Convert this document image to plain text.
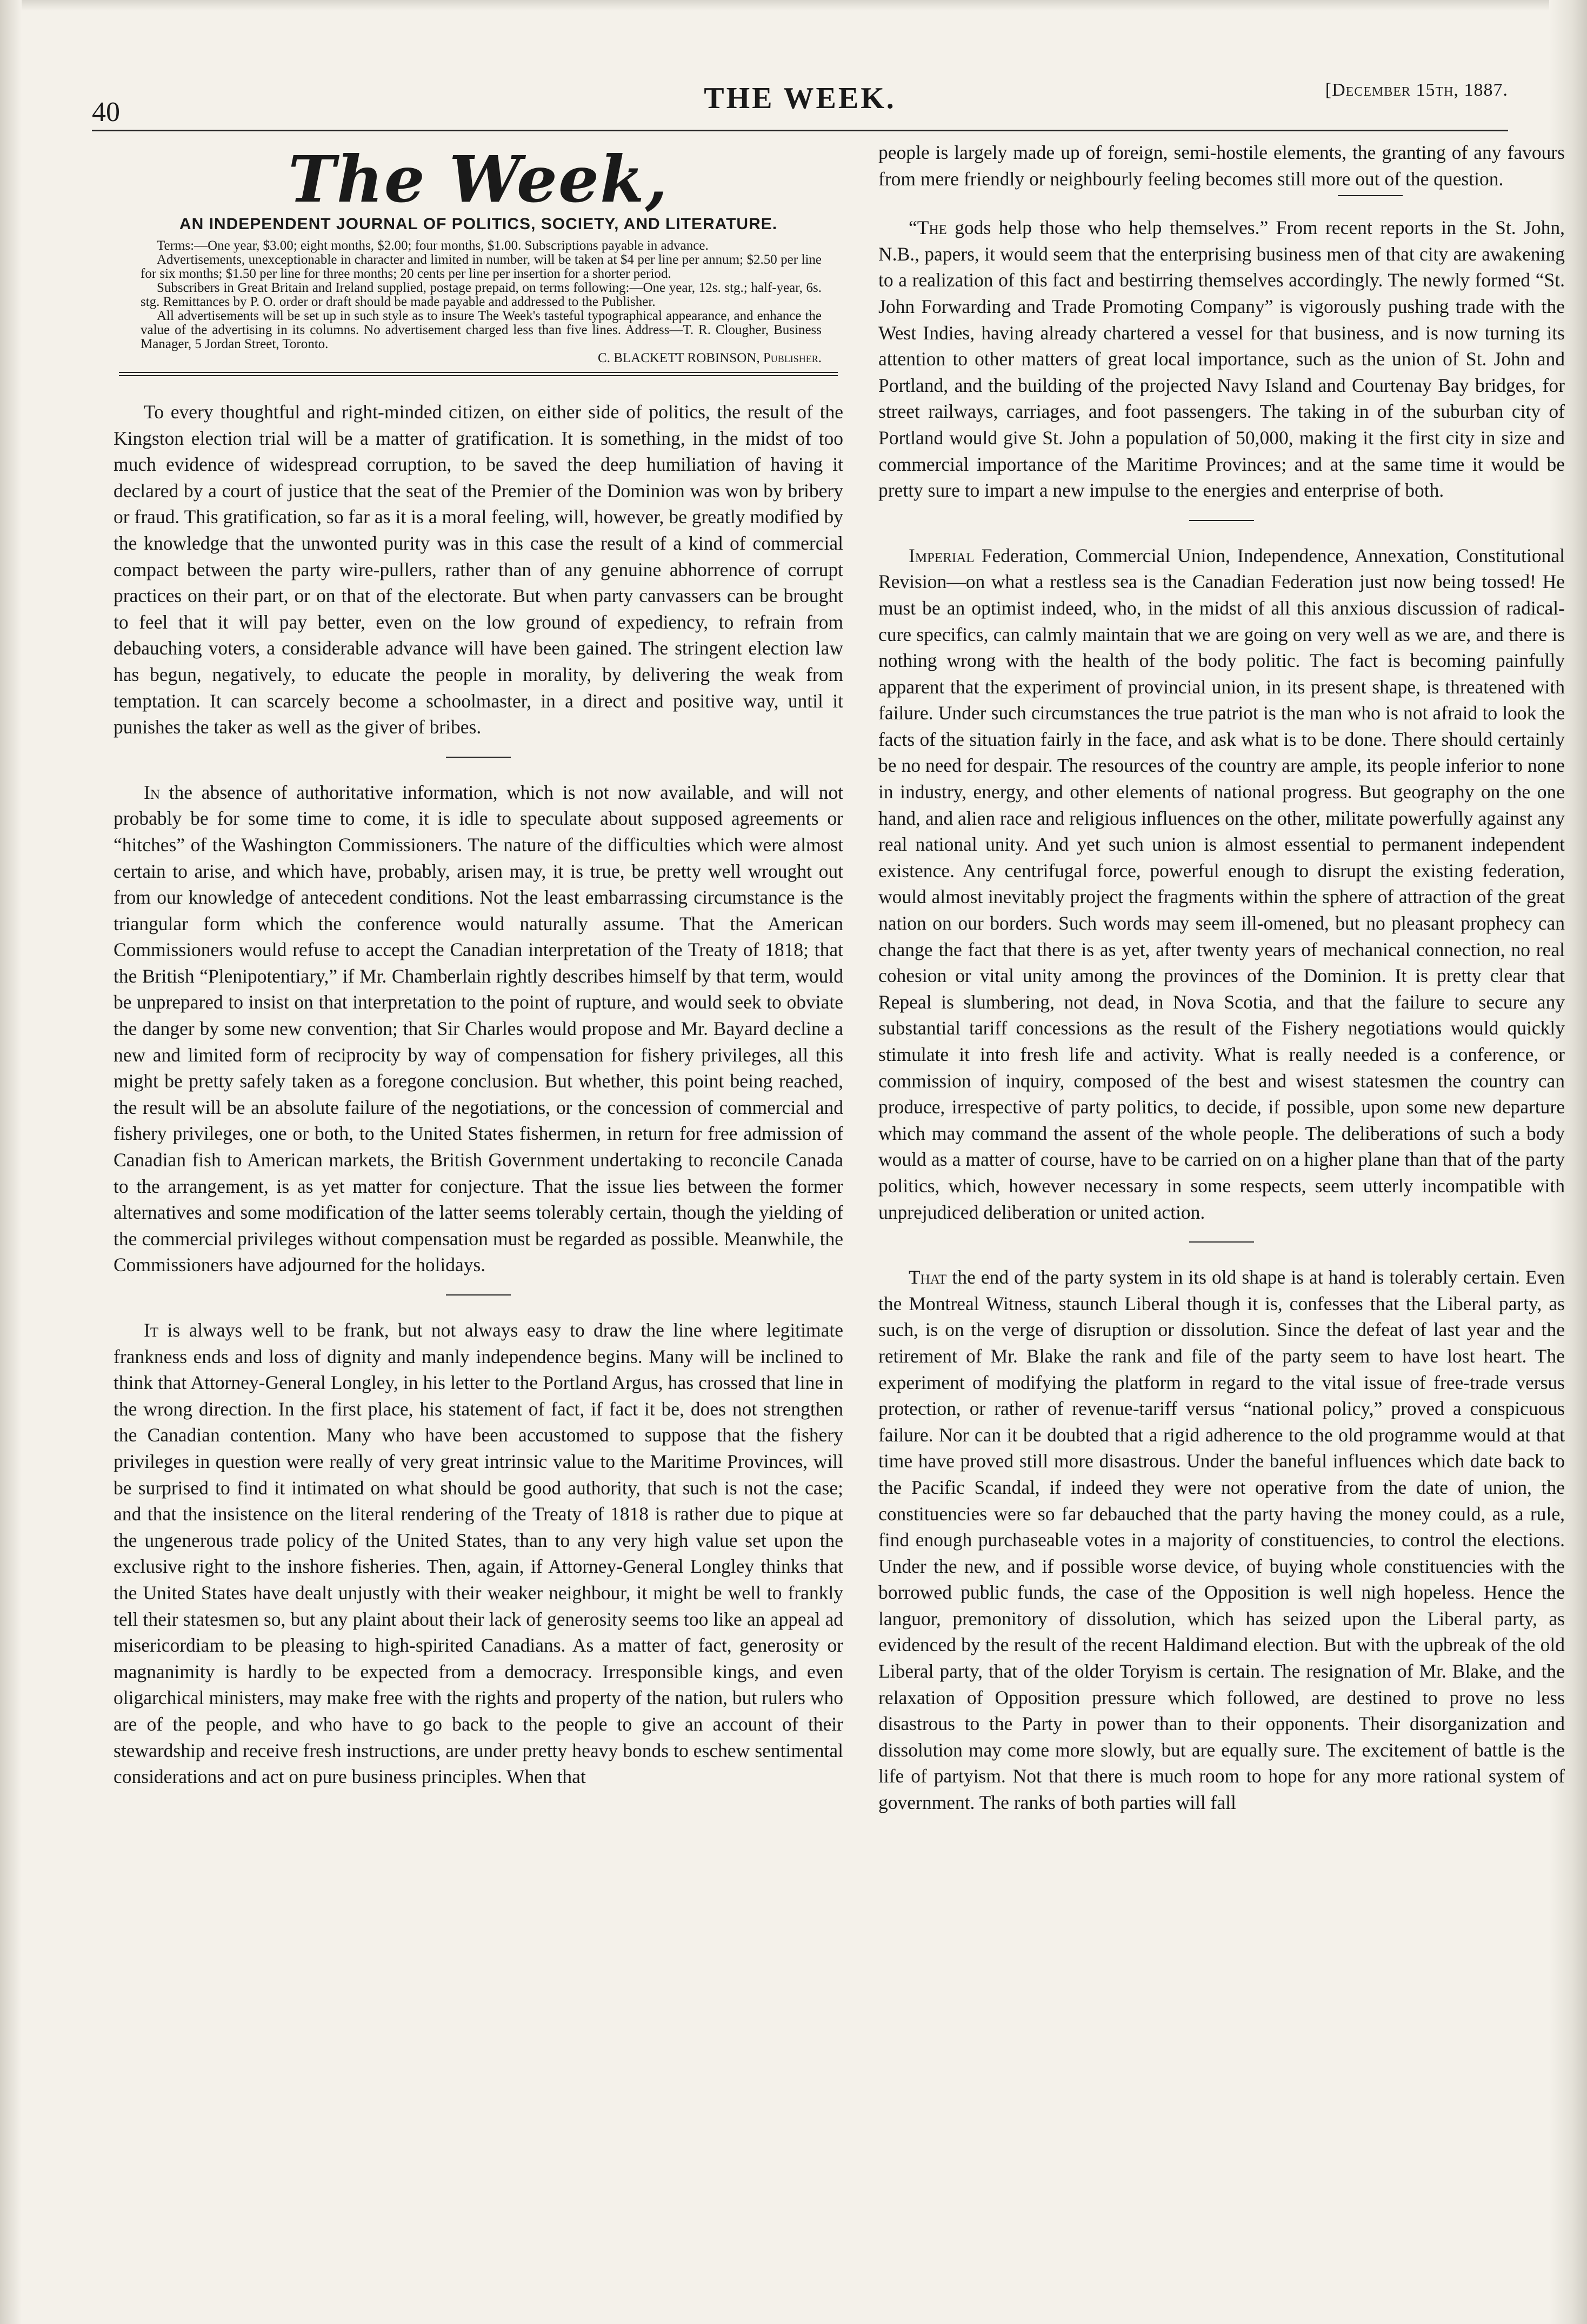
40	THE WEEK.	[December 15th, 1887.
The Week,
AN INDEPENDENT JOURNAL OF POLITICS, SOCIETY, AND LITERATURE.

Terms:—One year, $3.00; eight months, $2.00; four months, $1.00. Subscriptions payable in advance.

Advertisements, unexceptionable in character and limited in number, will be taken at $4 per line per annum; $2.50 per line for six months; $1.50 per line for three months; 20 cents per line per insertion for a shorter period.

Subscribers in Great Britain and Ireland supplied, postage prepaid, on terms following:—One year, 12s. stg.; half-year, 6s. stg. Remittances by P. O. order or draft should be made payable and addressed to the Publisher.

All advertisements will be set up in such style as to insure The Week's tasteful typographical appearance, and enhance the value of the advertising in its columns. No advertisement charged less than five lines. Address—T. R. Clougher, Business Manager, 5 Jordan Street, Toronto.

C. BLACKETT ROBINSON, Publisher.

To every thoughtful and right-minded citizen, on either side of politics, the result of the Kingston election trial will be a matter of gratification. It is something, in the midst of too much evidence of widespread corruption, to be saved the deep humiliation of having it declared by a court of justice that the seat of the Premier of the Dominion was won by bribery or fraud. This gratification, so far as it is a moral feeling, will, however, be greatly modified by the knowledge that the unwonted purity was in this case the result of a kind of commercial compact between the party wire-pullers, rather than of any genuine abhorrence of corrupt practices on their part, or on that of the electorate. But when party canvassers can be brought to feel that it will pay better, even on the low ground of expediency, to refrain from debauching voters, a considerable advance will have been gained. The stringent election law has begun, negatively, to educate the people in morality, by delivering the weak from temptation. It can scarcely become a schoolmaster, in a direct and positive way, until it punishes the taker as well as the giver of bribes.

In the absence of authoritative information, which is not now available, and will not probably be for some time to come, it is idle to speculate about supposed agreements or “hitches” of the Washington Commissioners. The nature of the difficulties which were almost certain to arise, and which have, probably, arisen may, it is true, be pretty well wrought out from our knowledge of antecedent conditions. Not the least embarrassing circumstance is the triangular form which the conference would naturally assume. That the American Commissioners would refuse to accept the Canadian interpretation of the Treaty of 1818; that the British “Plenipotentiary,” if Mr. Chamberlain rightly describes himself by that term, would be unprepared to insist on that interpretation to the point of rupture, and would seek to obviate the danger by some new convention; that Sir Charles would propose and Mr. Bayard decline a new and limited form of reciprocity by way of compensation for fishery privileges, all this might be pretty safely taken as a foregone conclusion. But whether, this point being reached, the result will be an absolute failure of the negotiations, or the concession of commercial and fishery privileges, one or both, to the United States fishermen, in return for free admission of Canadian fish to American markets, the British Government undertaking to reconcile Canada to the arrangement, is as yet matter for conjecture. That the issue lies between the former alternatives and some modification of the latter seems tolerably certain, though the yielding of the commercial privileges without compensation must be regarded as possible. Meanwhile, the Commissioners have adjourned for the holidays.

It is always well to be frank, but not always easy to draw the line where legitimate frankness ends and loss of dignity and manly independence begins. Many will be inclined to think that Attorney-General Longley, in his letter to the Portland Argus, has crossed that line in the wrong direction. In the first place, his statement of fact, if fact it be, does not strengthen the Canadian contention. Many who have been accustomed to suppose that the fishery privileges in question were really of very great intrinsic value to the Maritime Provinces, will be surprised to find it intimated on what should be good authority, that such is not the case; and that the insistence on the literal rendering of the Treaty of 1818 is rather due to pique at the ungenerous trade policy of the United States, than to any very high value set upon the exclusive right to the inshore fisheries. Then, again, if Attorney-General Longley thinks that the United States have dealt unjustly with their weaker neighbour, it might be well to frankly tell their statesmen so, but any plaint about their lack of generosity seems too like an appeal ad misericordiam to be pleasing to high-spirited Canadians. As a matter of fact, generosity or magnanimity is hardly to be expected from a democracy. Irresponsible kings, and even oligarchical ministers, may make free with the rights and property of the nation, but rulers who are of the people, and who have to go back to the people to give an account of their stewardship and receive fresh instructions, are under pretty heavy bonds to eschew sentimental considerations and act on pure business principles. When that

people is largely made up of foreign, semi-hostile elements, the granting of any favours from mere friendly or neighbourly feeling becomes still more out of the question.

“The gods help those who help themselves.” From recent reports in the St. John, N.B., papers, it would seem that the enterprising business men of that city are awakening to a realization of this fact and bestirring themselves accordingly. The newly formed “St. John Forwarding and Trade Promoting Company” is vigorously pushing trade with the West Indies, having already chartered a vessel for that business, and is now turning its attention to other matters of great local importance, such as the union of St. John and Portland, and the building of the projected Navy Island and Courtenay Bay bridges, for street railways, carriages, and foot passengers. The taking in of the suburban city of Portland would give St. John a population of 50,000, making it the first city in size and commercial importance of the Maritime Provinces; and at the same time it would be pretty sure to impart a new impulse to the energies and enterprise of both.

Imperial Federation, Commercial Union, Independence, Annexation, Constitutional Revision—on what a restless sea is the Canadian Federation just now being tossed! He must be an optimist indeed, who, in the midst of all this anxious discussion of radical-cure specifics, can calmly maintain that we are going on very well as we are, and there is nothing wrong with the health of the body politic. The fact is becoming painfully apparent that the experiment of provincial union, in its present shape, is threatened with failure. Under such circumstances the true patriot is the man who is not afraid to look the facts of the situation fairly in the face, and ask what is to be done. There should certainly be no need for despair. The resources of the country are ample, its people inferior to none in industry, energy, and other elements of national progress. But geography on the one hand, and alien race and religious influences on the other, militate powerfully against any real national unity. And yet such union is almost essential to permanent independent existence. Any centrifugal force, powerful enough to disrupt the existing federation, would almost inevitably project the fragments within the sphere of attraction of the great nation on our borders. Such words may seem ill-omened, but no pleasant prophecy can change the fact that there is as yet, after twenty years of mechanical connection, no real cohesion or vital unity among the provinces of the Dominion. It is pretty clear that Repeal is slumbering, not dead, in Nova Scotia, and that the failure to secure any substantial tariff concessions as the result of the Fishery negotiations would quickly stimulate it into fresh life and activity. What is really needed is a conference, or commission of inquiry, composed of the best and wisest statesmen the country can produce, irrespective of party politics, to decide, if possible, upon some new departure which may command the assent of the whole people. The deliberations of such a body would as a matter of course, have to be carried on on a higher plane than that of the party politics, which, however necessary in some respects, seem utterly incompatible with unprejudiced deliberation or united action.

That the end of the party system in its old shape is at hand is tolerably certain. Even the Montreal Witness, staunch Liberal though it is, confesses that the Liberal party, as such, is on the verge of disruption or dissolution. Since the defeat of last year and the retirement of Mr. Blake the rank and file of the party seem to have lost heart. The experiment of modifying the platform in regard to the vital issue of free-trade versus protection, or rather of revenue-tariff versus “national policy,” proved a conspicuous failure. Nor can it be doubted that a rigid adherence to the old programme would at that time have proved still more disastrous. Under the baneful influences which date back to the Pacific Scandal, if indeed they were not operative from the date of union, the constituencies were so far debauched that the party having the money could, as a rule, find enough purchaseable votes in a majority of constituencies, to control the elections. Under the new, and if possible worse device, of buying whole constituencies with the borrowed public funds, the case of the Opposition is well nigh hopeless. Hence the languor, premonitory of dissolution, which has seized upon the Liberal party, as evidenced by the result of the recent Haldimand election. But with the upbreak of the old Liberal party, that of the older Toryism is certain. The resignation of Mr. Blake, and the relaxation of Opposition pressure which followed, are destined to prove no less disastrous to the Party in power than to their opponents. Their disorganization and dissolution may come more slowly, but are equally sure. The excitement of battle is the life of partyism. Not that there is much room to hope for any more rational system of government. The ranks of both parties will fall
